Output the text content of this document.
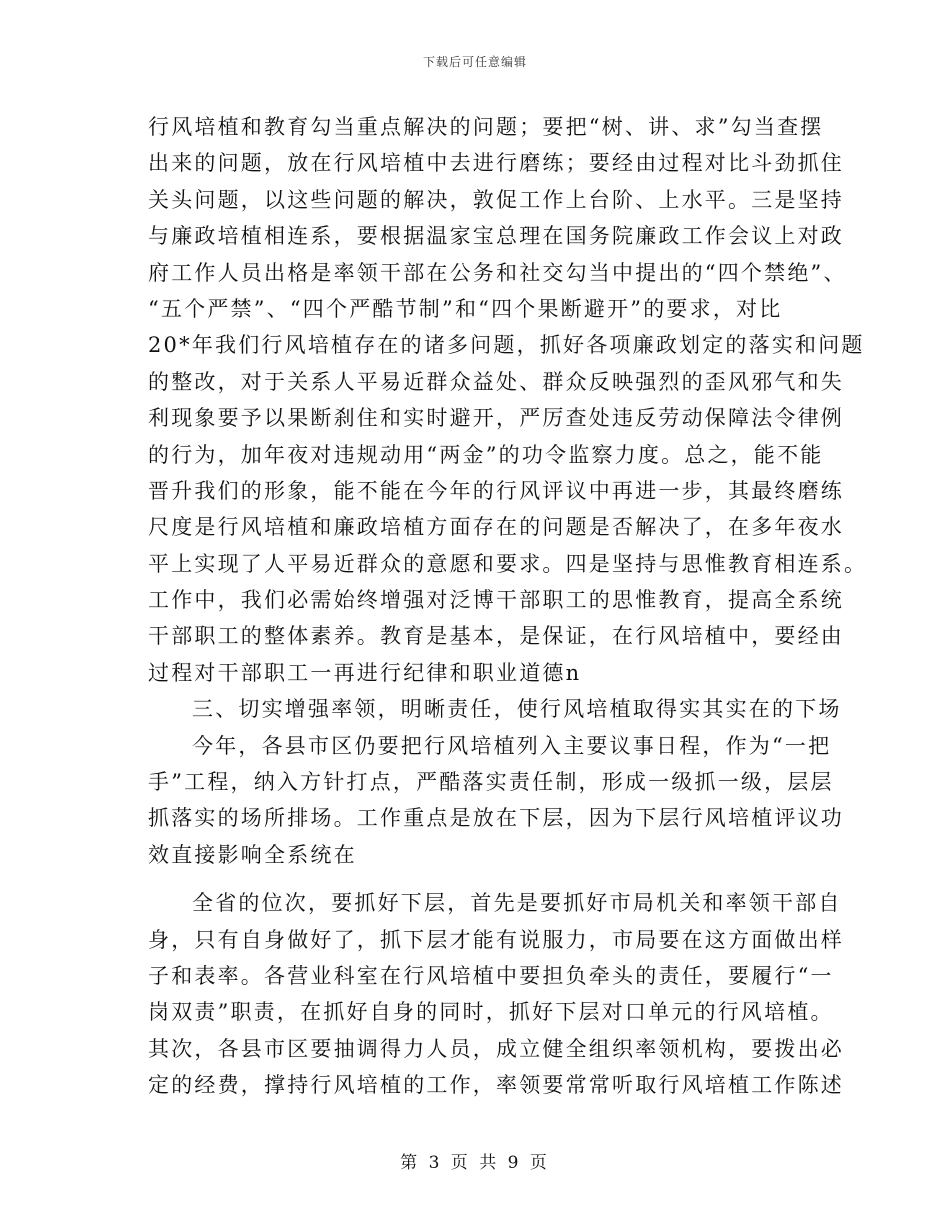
下载后可任意编辑
行风培植和教育勾当重点解决的问题；要把“树、讲、求”勾当查摆
出来的问题，放在行风培植中去进行磨练；要经由过程对比斗劲抓住
关头问题，以这些问题的解决，敦促工作上台阶、上水平。三是坚持
与廉政培植相连系，要根据温家宝总理在国务院廉政工作会议上对政
府工作人员出格是率领干部在公务和社交勾当中提出的“四个禁绝”、
“五个严禁”、“四个严酷节制”和“四个果断避开”的要求，对比
20*年我们行风培植存在的诸多问题，抓好各项廉政划定的落实和问题
的整改，对于关系人平易近群众益处、群众反映强烈的歪风邪气和失
利现象要予以果断刹住和实时避开，严厉查处违反劳动保障法令律例
的行为，加年夜对违规动用“两金”的功令监察力度。总之，能不能
晋升我们的形象，能不能在今年的行风评议中再进一步，其最终磨练
尺度是行风培植和廉政培植方面存在的问题是否解决了，在多年夜水
平上实现了人平易近群众的意愿和要求。四是坚持与思惟教育相连系。
工作中，我们必需始终增强对泛博干部职工的思惟教育，提高全系统
干部职工的整体素养。教育是基本，是保证，在行风培植中，要经由
过程对干部职工一再进行纪律和职业道德n
三、切实增强率领，明晰责任，使行风培植取得实其实在的下场
今年，各县市区仍要把行风培植列入主要议事日程，作为“一把
手”工程，纳入方针打点，严酷落实责任制，形成一级抓一级，层层
抓落实的场所排场。工作重点是放在下层，因为下层行风培植评议功
效直接影响全系统在
全省的位次，要抓好下层，首先是要抓好市局机关和率领干部自
身，只有自身做好了，抓下层才能有说服力，市局要在这方面做出样
子和表率。各营业科室在行风培植中要担负牵头的责任，要履行“一
岗双责”职责，在抓好自身的同时，抓好下层对口单元的行风培植。
其次，各县市区要抽调得力人员，成立健全组织率领机构，要拨出必
定的经费，撑持行风培植的工作，率领要常常听取行风培植工作陈述
第 3 页 共 9 页
